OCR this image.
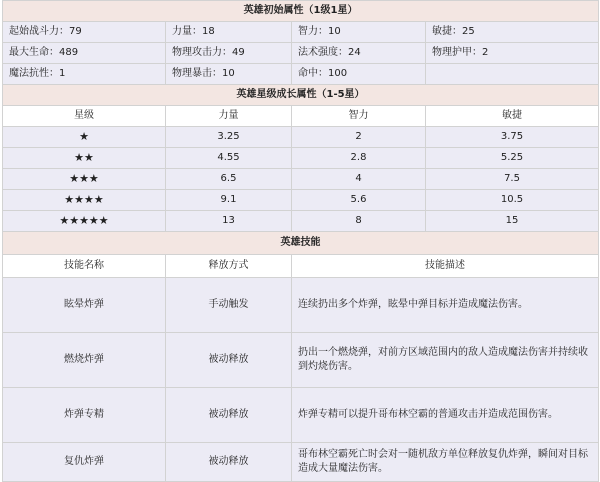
英雄初始属性（1级1星）			
起始战斗力：79	力量：18	智力：10	敏捷：25
最大生命：489	物理攻击力：49	法术强度：24	物理护甲：2
魔法抗性：1	物理暴击：10	命中：100	
英雄星级成长属性（1-5星）			
星级	力量	智力	敏捷
★	3.25	2	3.75
★★	4.55	2.8	5.25
★★★	6.5	4	7.5
★★★★	9.1	5.6	10.5
★★★★★	13	8	15
英雄技能			
技能名称	释放方式	技能描述	
眩晕炸弹	手动触发	连续扔出多个炸弹，眩晕中弹目标并造成魔法伤害。	
燃烧炸弹	被动释放	扔出一个燃烧弹，对前方区域范围内的敌人造成魔法伤害并持续收到灼烧伤害。	
炸弹专精	被动释放	炸弹专精可以提升哥布林空霸的普通攻击并造成范围伤害。	
复仇炸弹	被动释放	哥布林空霸死亡时会对一随机敌方单位释放复仇炸弹，瞬间对目标造成大量魔法伤害。	
